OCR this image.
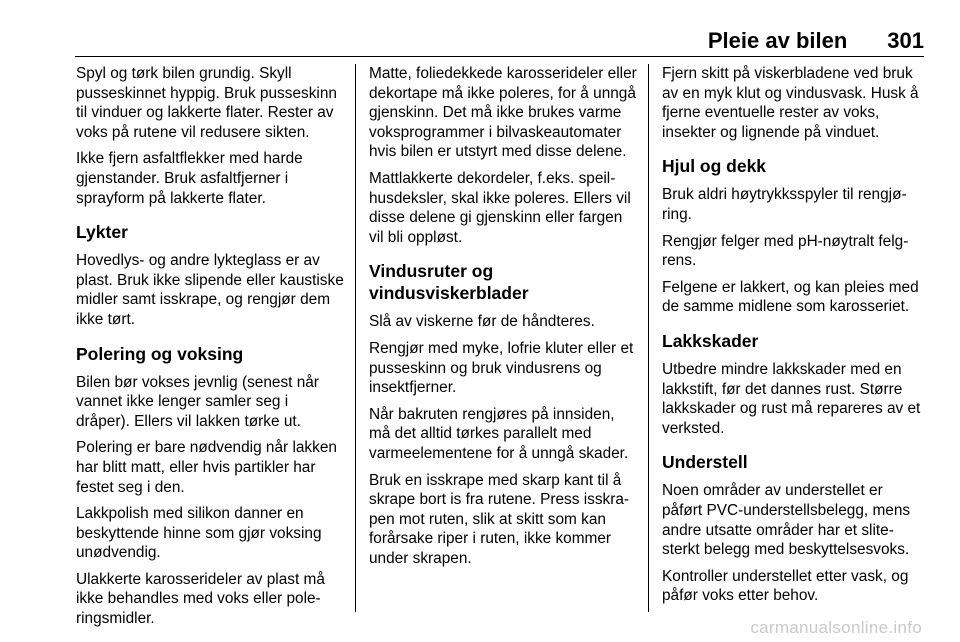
Pleie av bilen 301

Spyl og tørk bilen grundig. Skyll pusseskinnet hyppig. Bruk pusseskinn til vinduer og lakkerte flater. Rester av voks på rutene vil redusere sikten.

Ikke fjern asfaltflekker med harde gjenstander. Bruk asfaltfjerner i sprayform på lakkerte flater.

Lykter

Hovedlys- og andre lykteglass er av plast. Bruk ikke slipende eller kaustiske midler samt isskrape, og rengjør dem ikke tørt.

Polering og voksing

Bilen bør vokses jevnlig (senest når vannet ikke lenger samler seg i dråper). Ellers vil lakken tørke ut.

Polering er bare nødvendig når lakken har blitt matt, eller hvis partikler har festet seg i den.

Lakkpolish med silikon danner en beskyttende hinne som gjør voksing unødvendig.

Ulakkerte karosserideler av plast må ikke behandles med voks eller poleringsmidler.

Matte, foliedekkede karosserideler eller dekortape må ikke poleres, for å unngå gjenskinn. Det må ikke brukes varme voksprogrammer i bilvaskeautomater hvis bilen er utstyrt med disse delene.

Mattlakkerte dekordeler, f.eks. speilhusdeksler, skal ikke poleres. Ellers vil disse delene gi gjenskinn eller fargen vil bli oppløst.

Vindusruter og vindusviskerblader

Slå av viskerne før de håndteres.

Rengjør med myke, lofrie kluter eller et pusseskinn og bruk vindusrens og insektfjerner.

Når bakruten rengjøres på innsiden, må det alltid tørkes parallelt med varmeelementene for å unngå skader.

Bruk en isskrape med skarp kant til å skrape bort is fra rutene. Press isskrapen mot ruten, slik at skitt som kan forårsake riper i ruten, ikke kommer under skrapen.

Fjern skitt på viskerbladene ved bruk av en myk klut og vindusvask. Husk å fjerne eventuelle rester av voks, insekter og lignende på vinduet.

Hjul og dekk

Bruk aldri høytrykksspyler til rengjøring.

Rengjør felger med pH-nøytralt felgrens.

Felgene er lakkert, og kan pleies med de samme midlene som karosseriet.

Lakkskader

Utbedre mindre lakkskader med en lakkstift, før det dannes rust. Større lakkskader og rust må repareres av et verksted.

Understell

Noen områder av understellet er påført PVC-understellsbelegg, mens andre utsatte områder har et slitesterkt belegg med beskyttelsesvoks.

Kontroller understellet etter vask, og påfør voks etter behov.

carmanualsonline.info
